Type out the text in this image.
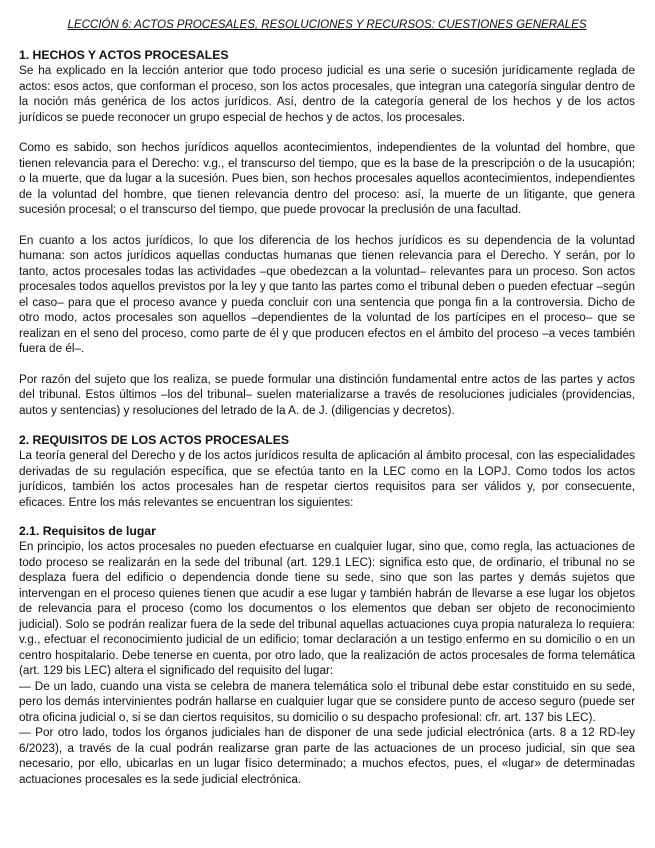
LECCIÓN 6: ACTOS PROCESALES, RESOLUCIONES Y RECURSOS: CUESTIONES GENERALES
1. HECHOS Y ACTOS PROCESALES

Se ha explicado en la lección anterior que todo proceso judicial es una serie o sucesión jurídicamente reglada de actos: esos actos, que conforman el proceso, son los actos procesales, que integran una categoría singular dentro de la noción más genérica de los actos jurídicos. Así, dentro de la categoría general de los hechos y de los actos jurídicos se puede reconocer un grupo especial de hechos y de actos, los procesales.

Como es sabido, son hechos jurídicos aquellos acontecimientos, independientes de la voluntad del hombre, que tienen relevancia para el Derecho: v.g., el transcurso del tiempo, que es la base de la prescripción o de la usucapión; o la muerte, que da lugar a la sucesión. Pues bien, son hechos procesales aquellos acontecimientos, independientes de la voluntad del hombre, que tienen relevancia dentro del proceso: así, la muerte de un litigante, que genera sucesión procesal; o el transcurso del tiempo, que puede provocar la preclusión de una facultad.

En cuanto a los actos jurídicos, lo que los diferencia de los hechos jurídicos es su dependencia de la voluntad humana: son actos jurídicos aquellas conductas humanas que tienen relevancia para el Derecho. Y serán, por lo tanto, actos procesales todas las actividades –que obedezcan a la voluntad– relevantes para un proceso. Son actos procesales todos aquellos previstos por la ley y que tanto las partes como el tribunal deben o pueden efectuar –según el caso– para que el proceso avance y pueda concluir con una sentencia que ponga fin a la controversia. Dicho de otro modo, actos procesales son aquellos –dependientes de la voluntad de los partícipes en el proceso– que se realizan en el seno del proceso, como parte de él y que producen efectos en el ámbito del proceso –a veces también fuera de él–.

Por razón del sujeto que los realiza, se puede formular una distinción fundamental entre actos de las partes y actos del tribunal. Estos últimos –los del tribunal– suelen materializarse a través de resoluciones judiciales (providencias, autos y sentencias) y resoluciones del letrado de la A. de J. (diligencias y decretos).

2. REQUISITOS DE LOS ACTOS PROCESALES

La teoría general del Derecho y de los actos jurídicos resulta de aplicación al ámbito procesal, con las especialidades derivadas de su regulación específica, que se efectúa tanto en la LEC como en la LOPJ. Como todos los actos jurídicos, también los actos procesales han de respetar ciertos requisitos para ser válidos y, por consecuente, eficaces. Entre los más relevantes se encuentran los siguientes:

2.1. Requisitos de lugar

En principio, los actos procesales no pueden efectuarse en cualquier lugar, sino que, como regla, las actuaciones de todo proceso se realizarán en la sede del tribunal (art. 129.1 LEC): significa esto que, de ordinario, el tribunal no se desplaza fuera del edificio o dependencia donde tiene su sede, sino que son las partes y demás sujetos que intervengan en el proceso quienes tienen que acudir a ese lugar y también habrán de llevarse a ese lugar los objetos de relevancia para el proceso (como los documentos o los elementos que deban ser objeto de reconocimiento judicial). Solo se podrán realizar fuera de la sede del tribunal aquellas actuaciones cuya propia naturaleza lo requiera: v.g., efectuar el reconocimiento judicial de un edificio; tomar declaración a un testigo enfermo en su domicilio o en un centro hospitalario. Debe tenerse en cuenta, por otro lado, que la realización de actos procesales de forma telemática (art. 129 bis LEC) altera el significado del requisito del lugar:

— De un lado, cuando una vista se celebra de manera telemática solo el tribunal debe estar constituido en su sede, pero los demás intervinientes podrán hallarse en cualquier lugar que se considere punto de acceso seguro (puede ser otra oficina judicial o, si se dan ciertos requisitos, su domicilio o su despacho profesional: cfr. art. 137 bis LEC).

— Por otro lado, todos los órganos judiciales han de disponer de una sede judicial electrónica (arts. 8 a 12 RD-ley 6/2023), a través de la cual podrán realizarse gran parte de las actuaciones de un proceso judicial, sin que sea necesario, por ello, ubicarlas en un lugar físico determinado; a muchos efectos, pues, el «lugar» de determinadas actuaciones procesales es la sede judicial electrónica.
